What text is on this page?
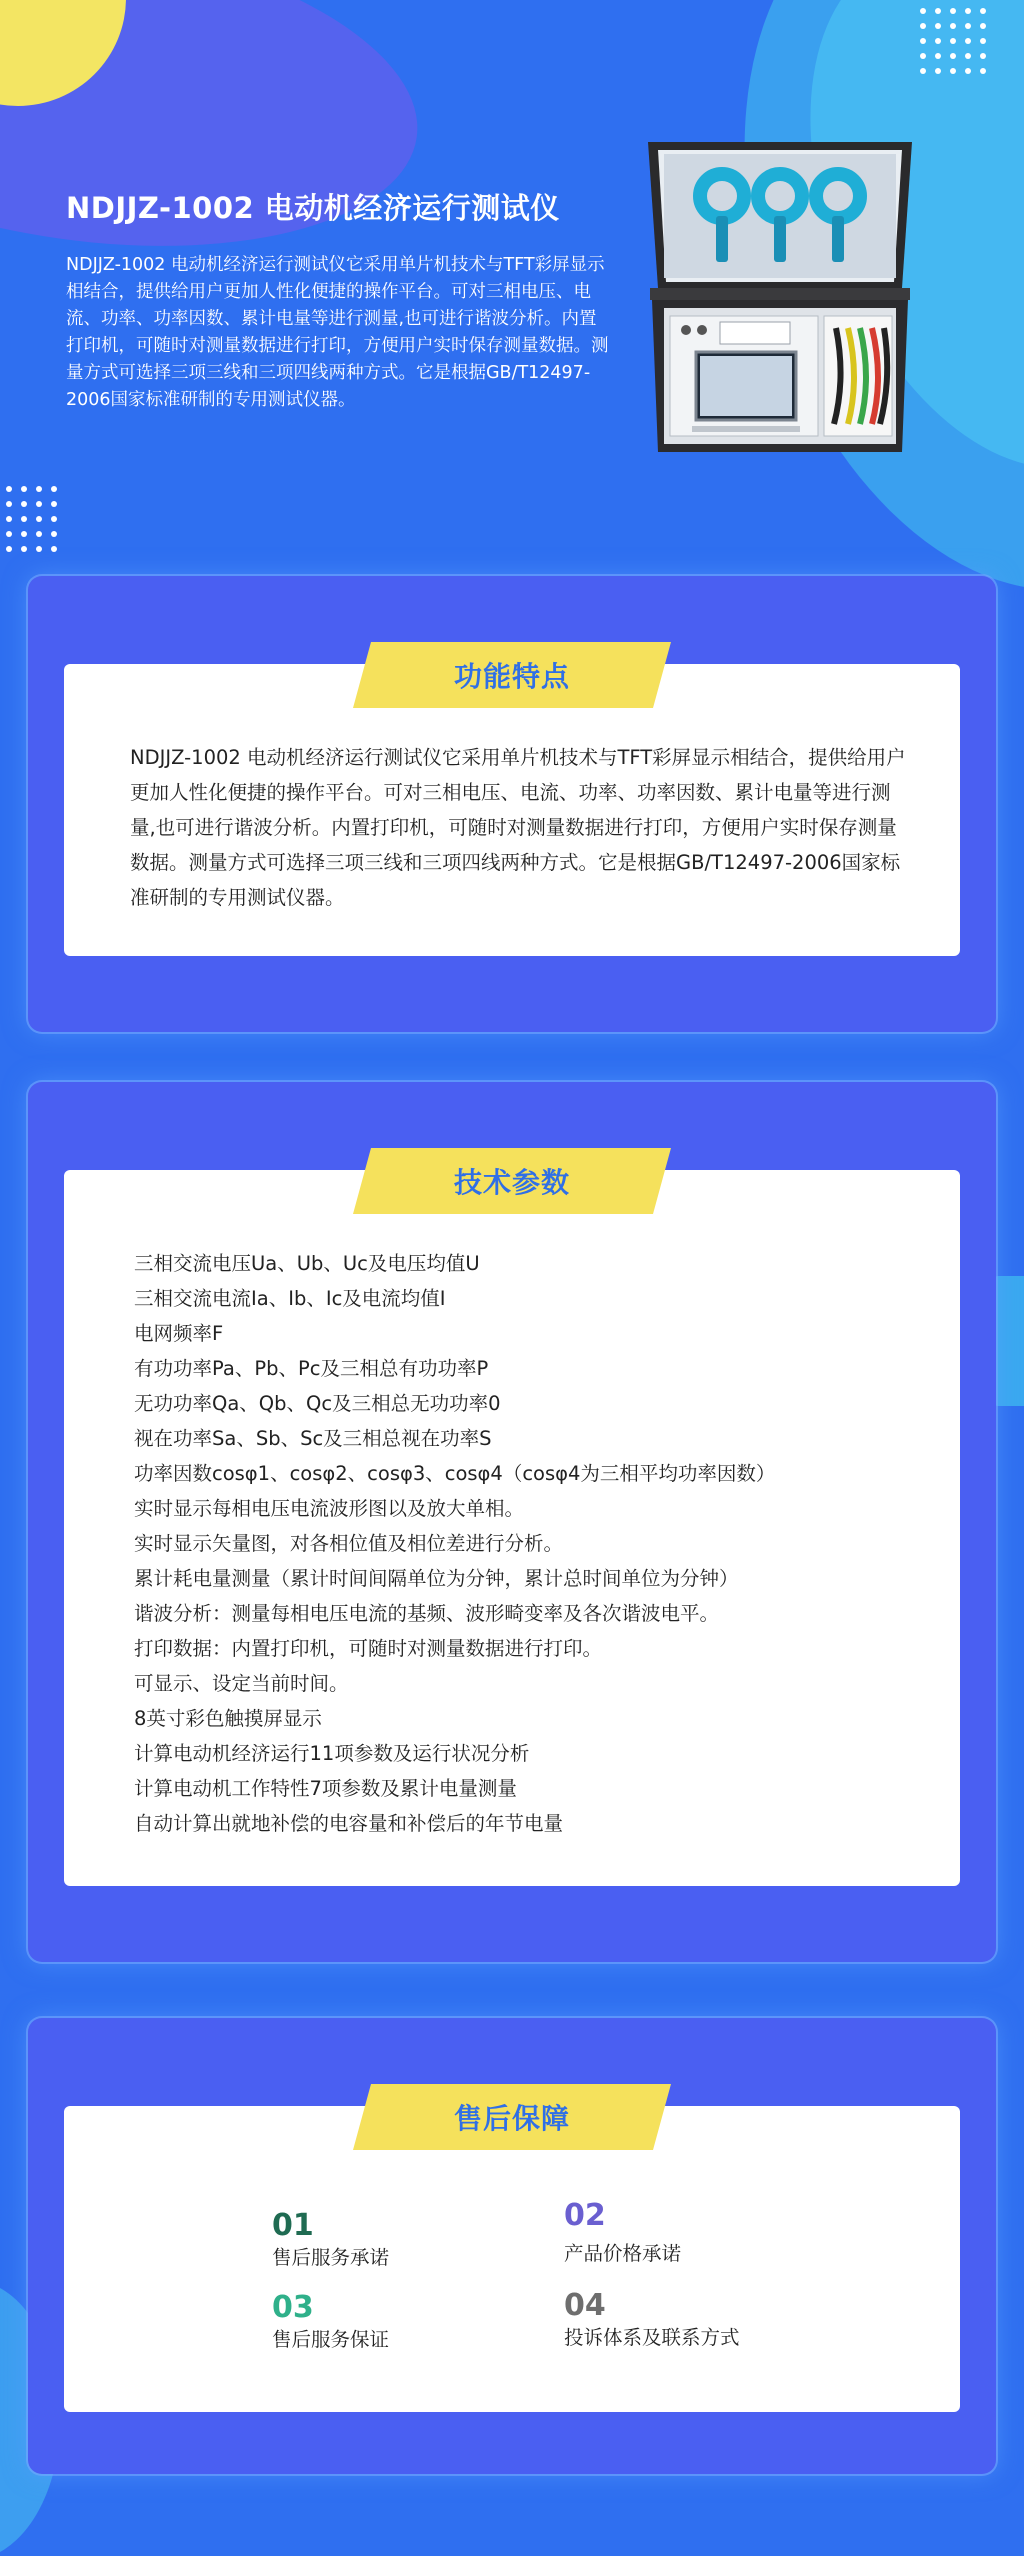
NDJJZ-1002 电动机经济运行测试仪

NDJJZ-1002 电动机经济运行测试仪它采用单片机技术与TFT彩屏显示相结合，提供给用户更加人性化便捷的操作平台。可对三相电压、电流、功率、功率因数、累计电量等进行测量,也可进行谐波分析。内置打印机，可随时对测量数据进行打印，方便用户实时保存测量数据。测量方式可选择三项三线和三项四线两种方式。它是根据GB/T12497-2006国家标准研制的专用测试仪器。

NDJJZ-1002 电动机经济运行测试仪它采用单片机技术与TFT彩屏显示相结合，提供给用户更加人性化便捷的操作平台。可对三相电压、电流、功率、功率因数、累计电量等进行测量,也可进行谐波分析。内置打印机，可随时对测量数据进行打印，方便用户实时保存测量数据。测量方式可选择三项三线和三项四线两种方式。它是根据GB/T12497-2006国家标准研制的专用测试仪器。
功能特点
三相交流电压Ua、Ub、Uc及电压均值U
三相交流电流Ia、Ib、Ic及电流均值I
电网频率F
有功功率Pa、Pb、Pc及三相总有功功率P
无功功率Qa、Qb、Qc及三相总无功功率0
视在功率Sa、Sb、Sc及三相总视在功率S
功率因数cosφ1、cosφ2、cosφ3、cosφ4（cosφ4为三相平均功率因数）
实时显示每相电压电流波形图以及放大单相。
实时显示矢量图，对各相位值及相位差进行分析。
累计耗电量测量（累计时间间隔单位为分钟，累计总时间单位为分钟）
谐波分析：测量每相电压电流的基频、波形畸变率及各次谐波电平。
打印数据：内置打印机，可随时对测量数据进行打印。
可显示、设定当前时间。
8英寸彩色触摸屏显示
计算电动机经济运行11项参数及运行状况分析
计算电动机工作特性7项参数及累计电量测量
自动计算出就地补偿的电容量和补偿后的年节电量
技术参数
01
售后服务承诺
02
产品价格承诺
03
售后服务保证
04
投诉体系及联系方式
售后保障
